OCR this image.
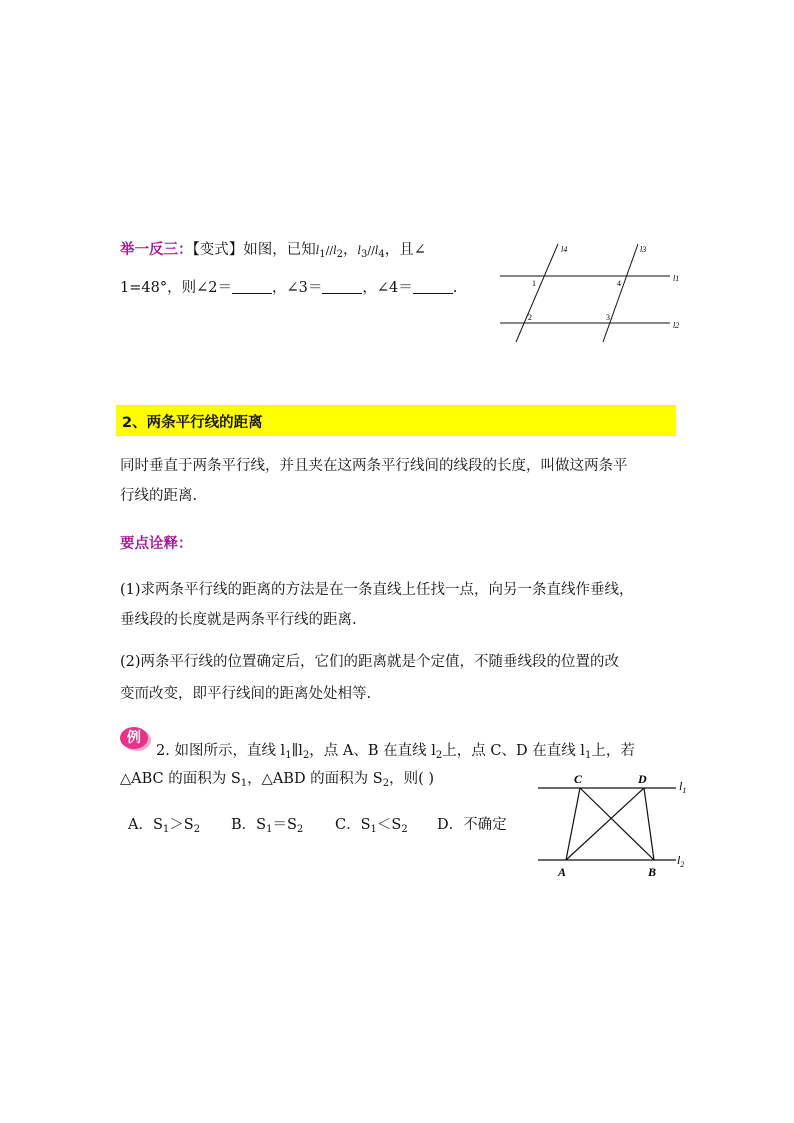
举一反三：【变式】如图，已知$l_1//l_2$，$l_3//l_4$，且∠
1=48°，则∠2＝	，∠3＝	，∠4＝	.
l4	l3
l1
l2
1	4
2	3
2、两条平行线的距离
同时垂直于两条平行线，并且夹在这两条平行线间的线段的长度，叫做这两条平
行线的距离.
要点诠释：
(1)求两条平行线的距离的方法是在一条直线上任找一点，向另一条直线作垂线，
垂线段的长度就是两条平行线的距离.
(2)两条平行线的位置确定后，它们的距离就是个定值，不随垂线段的位置的改
变而改变，即平行线间的距离处处相等.
例
2. 如图所示，直线 $l_1\parallel l_2$，点 A、B 在直线 $l_2$上，点 C、D 在直线 $l_1$上，若
△ABC 的面积为 $S_1$，△ABD 的面积为 $S_2$，则( )
A．$S_1>S_2$ B．$S_1=S_2$ C．$S_1<S_2$ D．不确定
C	D
A	B
$l_1$
$l_2$
